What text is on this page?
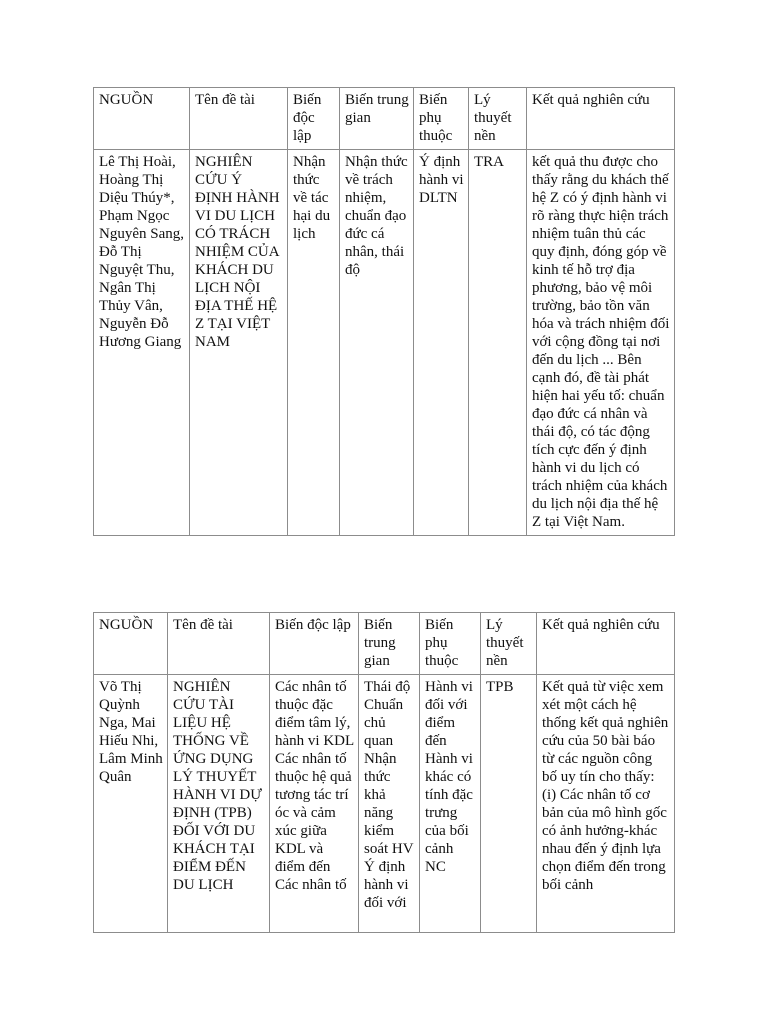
NGUỒN	Tên đề tài	Biến độc lập	Biến trung gian	Biến phụ thuộc	Lý thuyết nền	Kết quả nghiên cứu
Lê Thị Hoài, Hoàng Thị Diệu Thúy*, Phạm Ngọc Nguyên Sang, Đỗ Thị Nguyệt Thu, Ngân Thị Thủy Vân, Nguyễn Đỗ Hương Giang	NGHIÊN CỨU Ý ĐỊNH HÀNH VI DU LỊCH CÓ TRÁCH NHIỆM CỦA KHÁCH DU LỊCH NỘI ĐỊA THẾ HỆ Z TẠI VIỆT NAM	Nhận thức về tác hại du lịch	Nhận thức về trách nhiệm, chuẩn đạo đức cá nhân, thái độ	Ý định hành vi DLTN	TRA	kết quả thu được cho thấy rằng du khách thế hệ Z có ý định hành vi rõ ràng thực hiện trách nhiệm tuân thủ các quy định, đóng góp về kinh tế hỗ trợ địa phương, bảo vệ môi trường, bảo tồn văn hóa và trách nhiệm đối với cộng đồng tại nơi đến du lịch ... Bên cạnh đó, đề tài phát hiện hai yếu tố: chuẩn đạo đức cá nhân và thái độ, có tác động tích cực đến ý định hành vi du lịch có trách nhiệm của khách du lịch nội địa thế hệ Z tại Việt Nam.
NGUỒN	Tên đề tài	Biến độc lập	Biến trung gian	Biến phụ thuộc	Lý thuyết nền	Kết quả nghiên cứu

Võ Thị Quỳnh Nga, Mai Hiếu Nhi, Lâm Minh Quân	NGHIÊN CỨU TÀI LIỆU HỆ THỐNG VỀ ỨNG DỤNG LÝ THUYẾT HÀNH VI DỰ ĐỊNH (TPB) ĐỐI VỚI DU KHÁCH TẠI ĐIỂM ĐẾN DU LỊCH	Các nhân tố thuộc đặc điểm tâm lý, hành vi KDL Các nhân tố thuộc hệ quả tương tác trí óc và cảm xúc giữa KDL và điểm đến Các nhân tố	Thái độ Chuẩn chủ quan Nhận thức khả năng kiểm soát HV Ý định hành vi đối với	Hành vi đối với điểm đến Hành vi khác có tính đặc trưng của bối cảnh NC	TPB	Kết quả từ việc xem xét một cách hệ thống kết quả nghiên cứu của 50 bài báo từ các nguồn công bố uy tín cho thấy: (i) Các nhân tố cơ bản của mô hình gốc có ảnh hưởng-khác nhau đến ý định lựa chọn điểm đến trong bối cảnh
